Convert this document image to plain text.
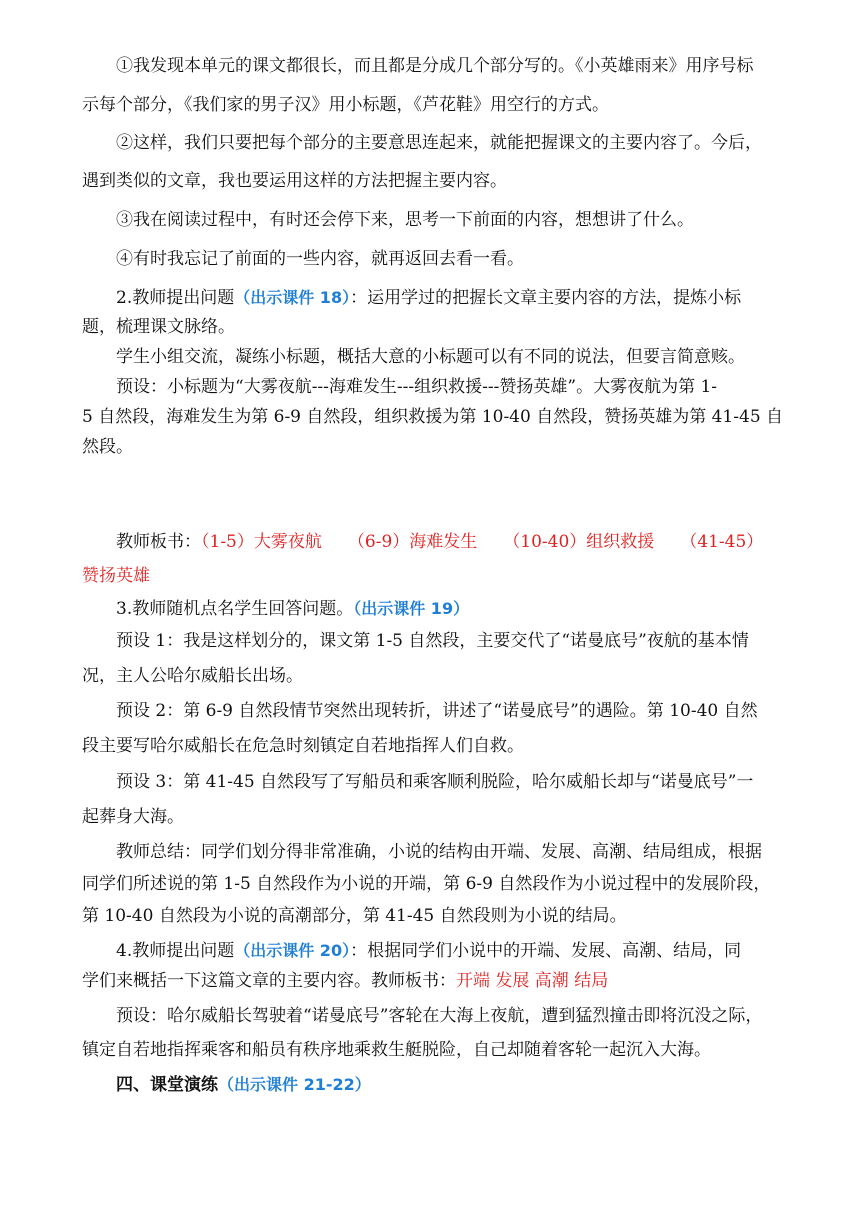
①我发现本单元的课文都很长，而且都是分成几个部分写的。《小英雄雨来》用序号标
示每个部分，《我们家的男子汉》用小标题，《芦花鞋》用空行的方式。
②这样，我们只要把每个部分的主要意思连起来，就能把握课文的主要内容了。今后，
遇到类似的文章，我也要运用这样的方法把握主要内容。
③我在阅读过程中，有时还会停下来，思考一下前面的内容，想想讲了什么。
④有时我忘记了前面的一些内容，就再返回去看一看。
2.教师提出问题（出示课件 18）：运用学过的把握长文章主要内容的方法，提炼小标
题，梳理课文脉络。
学生小组交流，凝练小标题，概括大意的小标题可以有不同的说法，但要言简意赅。
预设：小标题为“大雾夜航---海难发生---组织救援---赞扬英雄”。大雾夜航为第 1-
5 自然段，海难发生为第 6-9 自然段，组织救援为第 10-40 自然段，赞扬英雄为第 41-45 自
然段。
教师板书：（1-5）大雾夜航 （6-9）海难发生 （10-40）组织救援 （41-45）
赞扬英雄
3.教师随机点名学生回答问题。（出示课件 19）
预设 1：我是这样划分的，课文第 1-5 自然段，主要交代了“诺曼底号”夜航的基本情
况，主人公哈尔威船长出场。
预设 2：第 6-9 自然段情节突然出现转折，讲述了“诺曼底号”的遇险。第 10-40 自然
段主要写哈尔威船长在危急时刻镇定自若地指挥人们自救。
预设 3：第 41-45 自然段写了写船员和乘客顺利脱险，哈尔威船长却与“诺曼底号”一
起葬身大海。
教师总结：同学们划分得非常准确，小说的结构由开端、发展、高潮、结局组成，根据
同学们所述说的第 1-5 自然段作为小说的开端，第 6-9 自然段作为小说过程中的发展阶段，
第 10-40 自然段为小说的高潮部分，第 41-45 自然段则为小说的结局。
4.教师提出问题（出示课件 20）：根据同学们小说中的开端、发展、高潮、结局，同
学们来概括一下这篇文章的主要内容。教师板书：开端 发展 高潮 结局
预设：哈尔威船长驾驶着“诺曼底号”客轮在大海上夜航，遭到猛烈撞击即将沉没之际，
镇定自若地指挥乘客和船员有秩序地乘救生艇脱险，自己却随着客轮一起沉入大海。
四、课堂演练（出示课件 21-22）
